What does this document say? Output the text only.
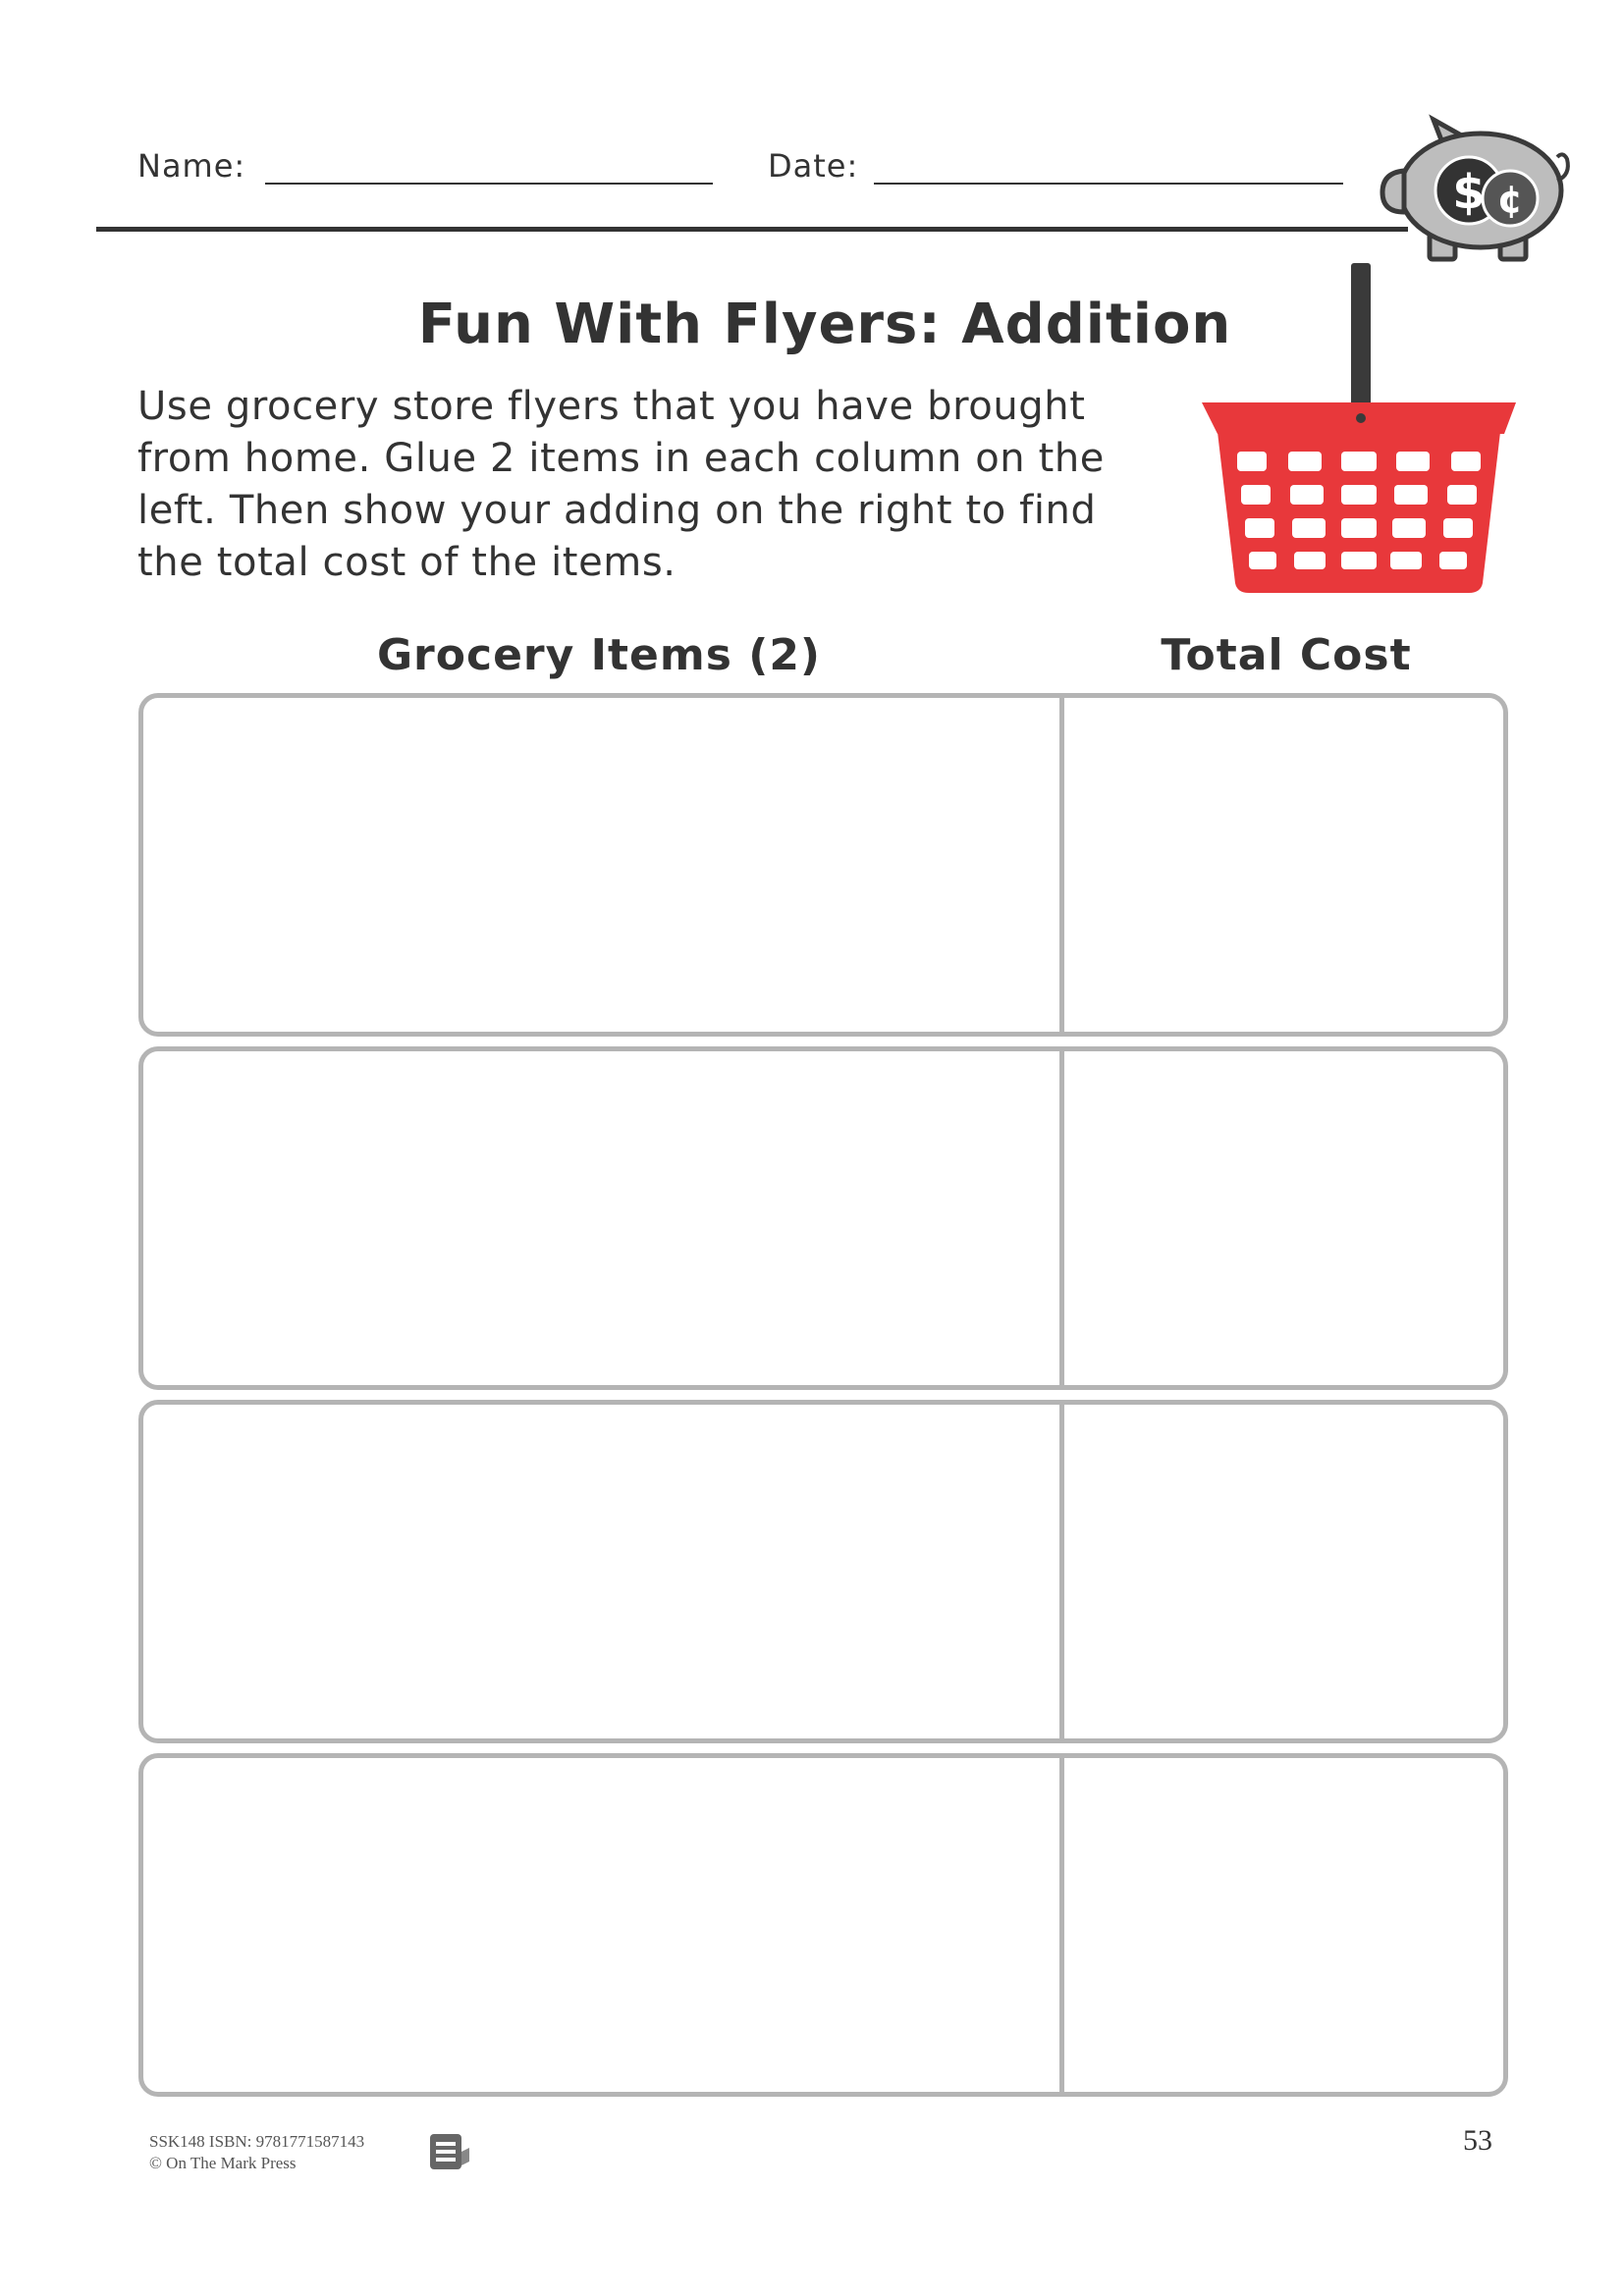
Name:	Date:	$ ¢
Fun With Flyers: Addition
Use grocery store flyers that you have brought from home. Glue 2 items in each column on the left. Then show your adding on the right to find the total cost of the items.
Grocery Items (2)	Total Cost
SSK148 ISBN: 9781771587143
© On The Mark Press
53
